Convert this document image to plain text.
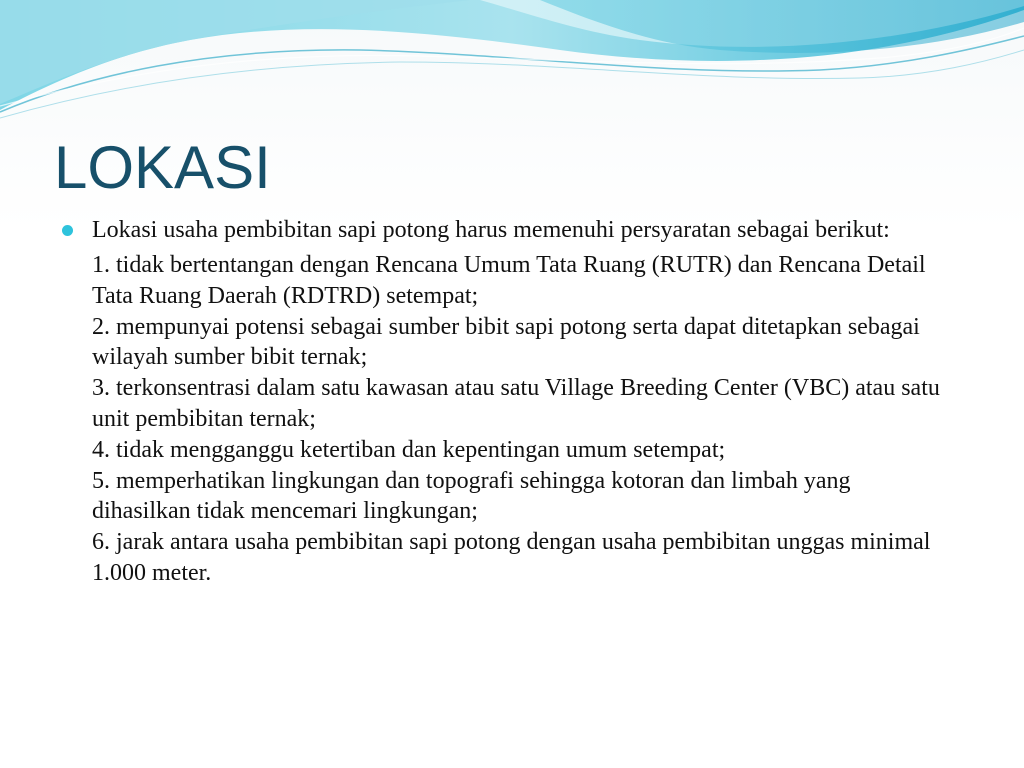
LOKASI

Lokasi usaha pembibitan sapi potong harus memenuhi persyaratan sebagai berikut:

1. tidak bertentangan dengan Rencana Umum Tata Ruang (RUTR) dan Rencana Detail Tata Ruang Daerah (RDTRD) setempat;
2. mempunyai potensi sebagai sumber bibit sapi potong serta dapat ditetapkan sebagai wilayah sumber bibit ternak;
3. terkonsentrasi dalam satu kawasan atau satu Village Breeding Center (VBC) atau satu unit pembibitan ternak;
4. tidak mengganggu ketertiban dan kepentingan umum setempat;
5. memperhatikan lingkungan dan topografi sehingga kotoran dan limbah yang dihasilkan tidak mencemari lingkungan;
6. jarak antara usaha pembibitan sapi potong dengan usaha pembibitan unggas minimal 1.000 meter.
